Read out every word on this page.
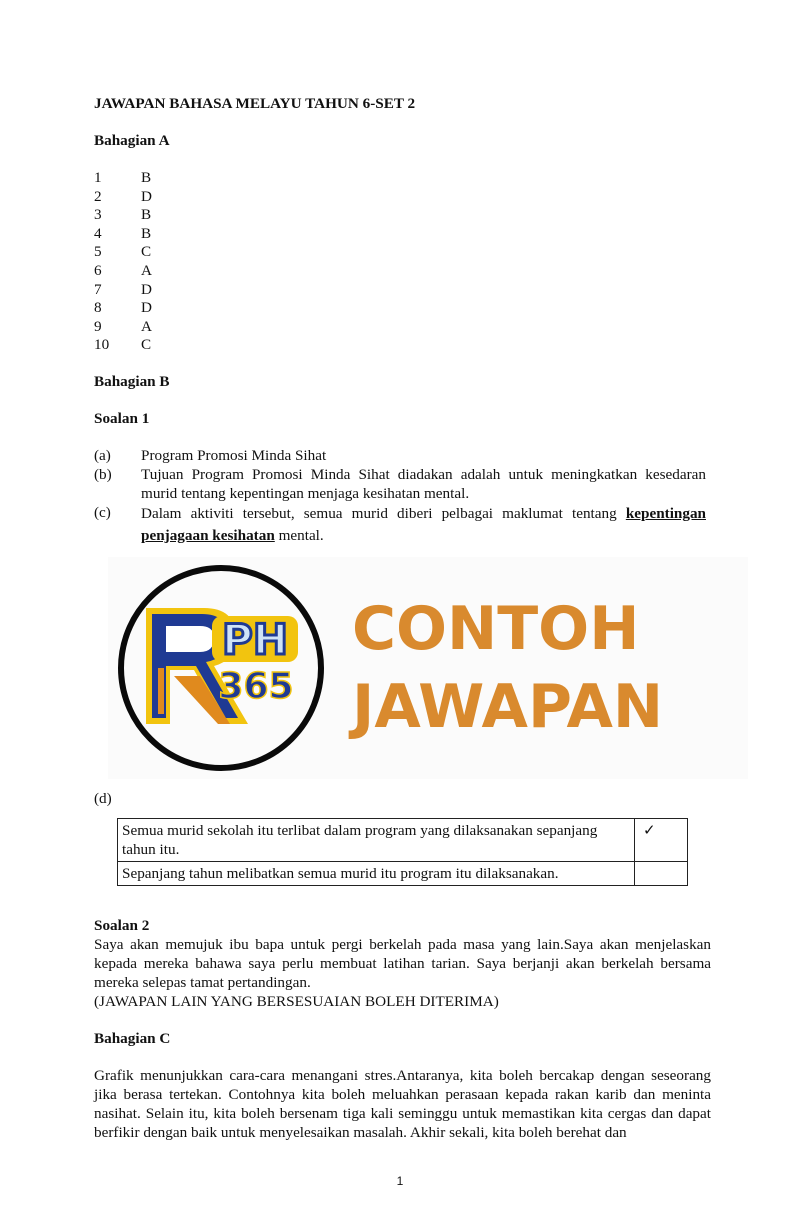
JAWAPAN BAHASA MELAYU TAHUN 6-SET 2
Bahagian A
1	B
2	D
3	B
4	B
5	C
6	A
7	D
8	D
9	A
10 C
Bahagian B
Soalan 1
(a) Program Promosi Minda Sihat
(b) Tujuan Program Promosi Minda Sihat diadakan adalah untuk meningkatkan kesedaran murid tentang kepentingan menjaga kesihatan mental.
(c) Dalam aktiviti tersebut, semua murid diberi pelbagai maklumat tentang kepentingan penjagaan kesihatan mental.
PH
365
CONTOH
JAWAPAN
(d)
Semua murid sekolah itu terlibat dalam program yang dilaksanakan sepanjang tahun itu.	✓
Sepanjang tahun melibatkan semua murid itu program itu dilaksanakan.	
Soalan 2
Saya akan memujuk ibu bapa untuk pergi berkelah pada masa yang lain.Saya akan menjelaskan kepada mereka bahawa saya perlu membuat latihan tarian. Saya berjanji akan berkelah bersama mereka selepas tamat pertandingan.
(JAWAPAN LAIN YANG BERSESUAIAN BOLEH DITERIMA)
Bahagian C
Grafik menunjukkan cara-cara menangani stres.Antaranya, kita boleh bercakap dengan seseorang jika berasa tertekan. Contohnya kita boleh meluahkan perasaan kepada rakan karib dan meninta nasihat. Selain itu, kita boleh bersenam tiga kali seminggu untuk memastikan kita cergas dan dapat berfikir dengan baik untuk menyelesaikan masalah. Akhir sekali, kita boleh berehat dan
1
